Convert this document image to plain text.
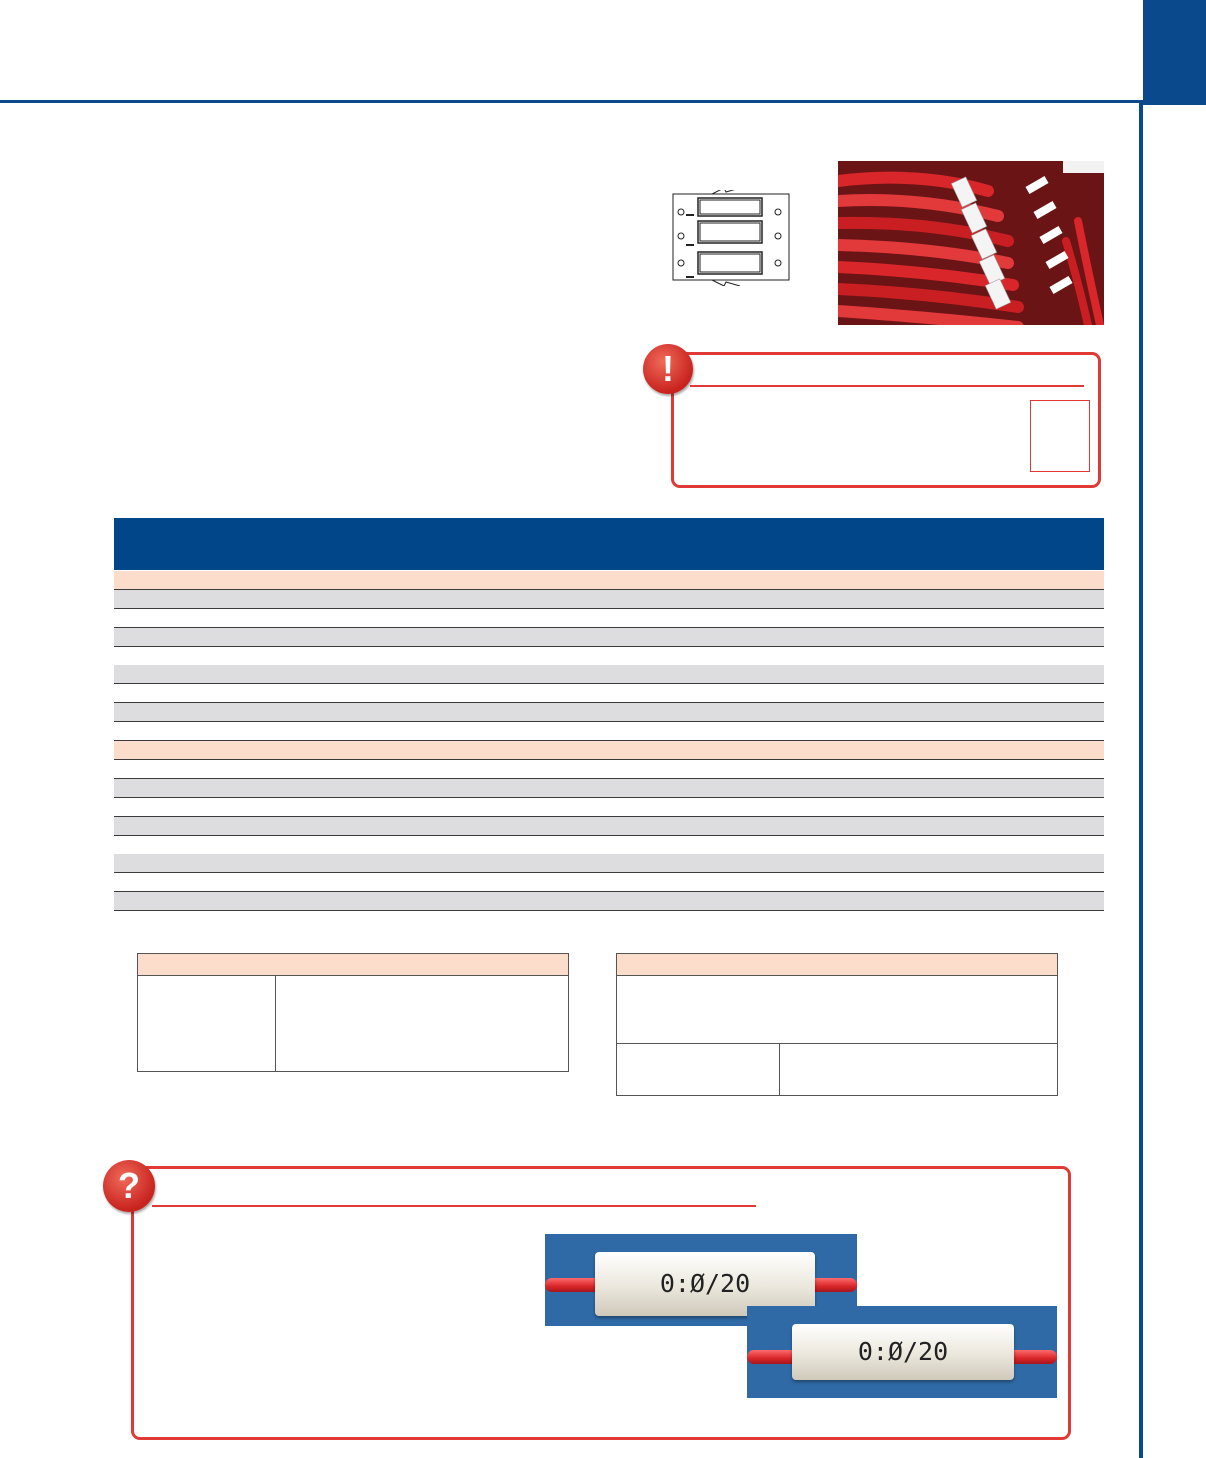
!
?
0:Ø/20
0:Ø/20
